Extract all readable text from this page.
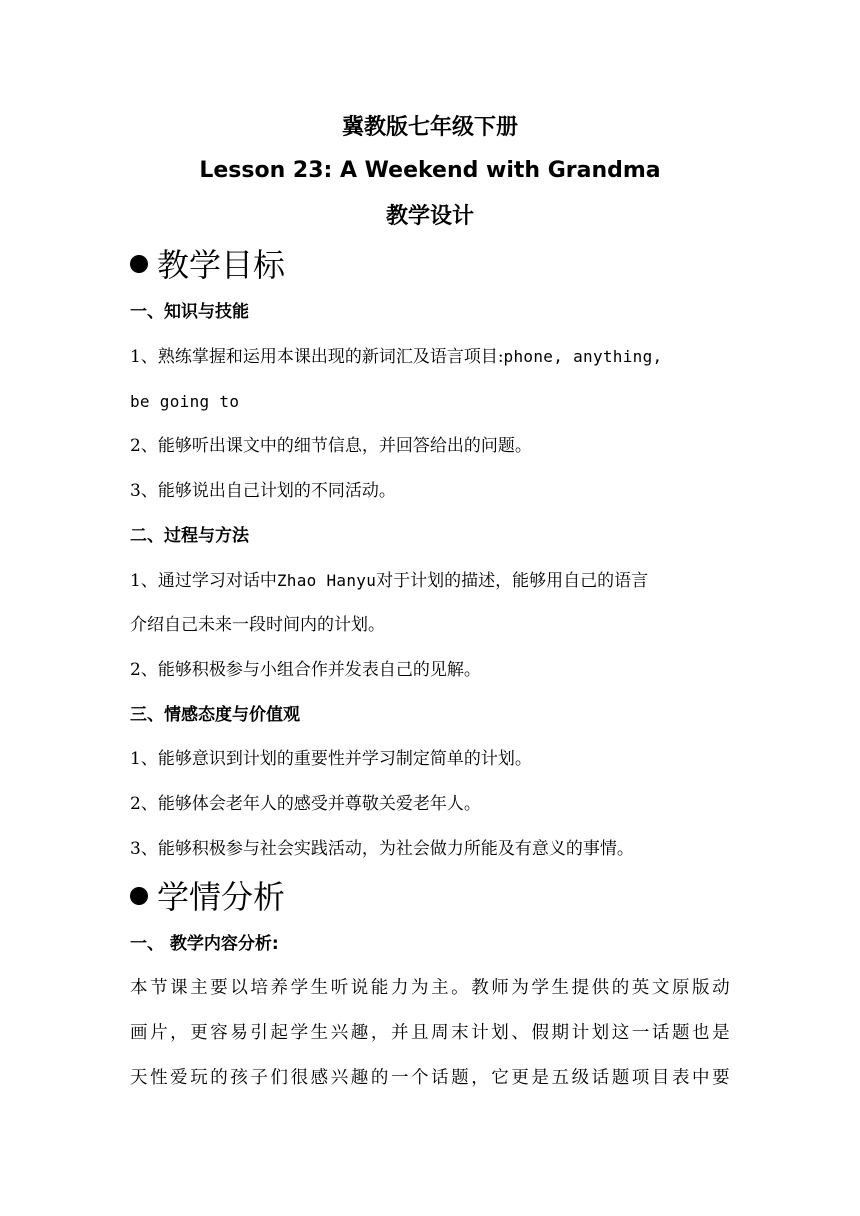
冀教版七年级下册

Lesson 23: A Weekend with Grandma

教学设计

教学目标

一、知识与技能

1、熟练掌握和运用本课出现的新词汇及语言项目:phone, anything,

be going to

2、能够听出课文中的细节信息，并回答给出的问题。

3、能够说出自己计划的不同活动。

二、过程与方法

1、通过学习对话中Zhao Hanyu对于计划的描述，能够用自己的语言

介绍自己未来一段时间内的计划。

2、能够积极参与小组合作并发表自己的见解。

三、情感态度与价值观

1、能够意识到计划的重要性并学习制定简单的计划。

2、能够体会老年人的感受并尊敬关爱老年人。

3、能够积极参与社会实践活动，为社会做力所能及有意义的事情。

学情分析

一、 教学内容分析:

本节课主要以培养学生听说能力为主。教师为学生提供的英文原版动

画片，更容易引起学生兴趣，并且周末计划、假期计划这一话题也是

天性爱玩的孩子们很感兴趣的一个话题，它更是五级话题项目表中要
